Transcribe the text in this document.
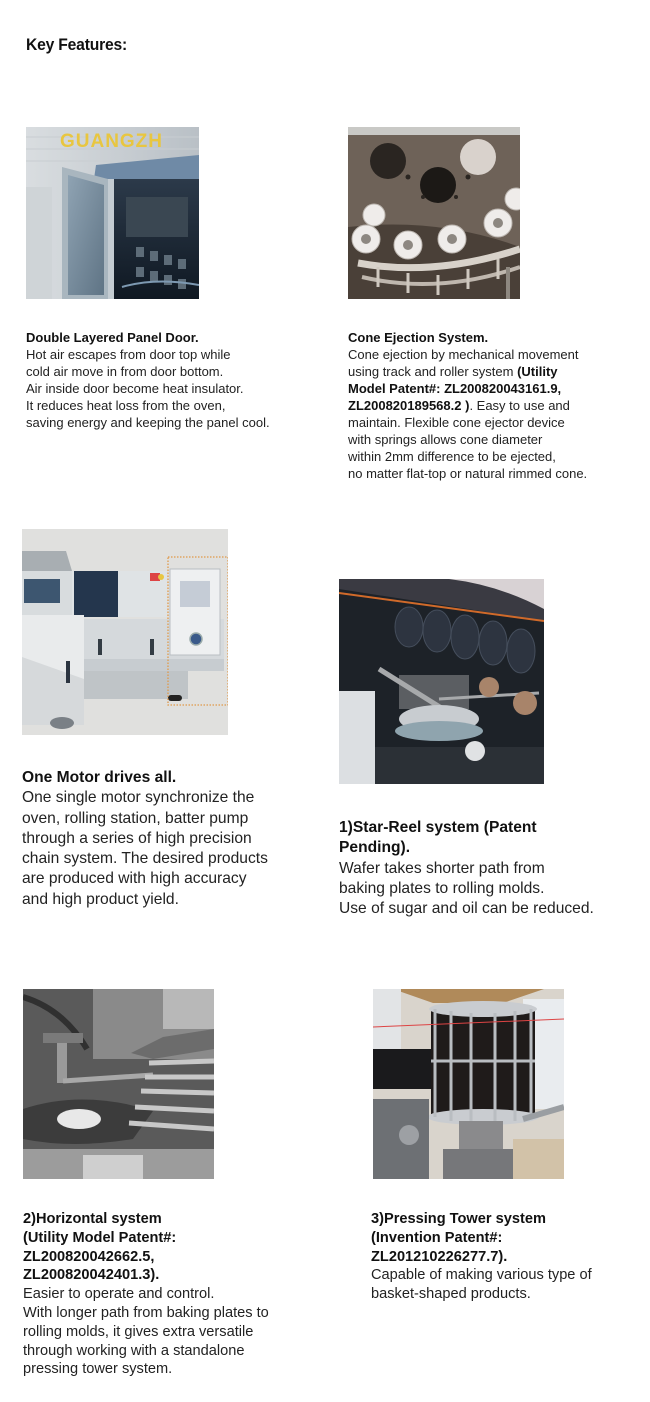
Key Features:
GUANGZH
Double Layered Panel Door.
Hot air escapes from door top while
cold air move in from door bottom.
Air inside door become heat insulator.
It reduces heat loss from the oven,
saving energy and keeping the panel cool.
Cone Ejection System.
Cone ejection by mechanical movement
using track and roller system (Utility
Model Patent#: ZL200820043161.9,
ZL200820189568.2 ). Easy to use and
maintain. Flexible cone ejector device
with springs allows cone diameter
within 2mm difference to be ejected,
no matter flat-top or natural rimmed cone.
One Motor drives all.
One single motor synchronize the
oven, rolling station, batter pump
through a series of high precision
chain system. The desired products
are produced with high accuracy
and high product yield.
1)Star-Reel system (Patent
Pending).
Wafer takes shorter path from
baking plates to rolling molds.
Use of sugar and oil can be reduced.
2)Horizontal system
(Utility Model Patent#:
ZL200820042662.5,
ZL200820042401.3).
Easier to operate and control.
With longer path from baking plates to
rolling molds, it gives extra versatile
through working with a standalone
pressing tower system.
3)Pressing Tower system
(Invention Patent#:
ZL201210226277.7).
Capable of making various type of
basket-shaped products.
